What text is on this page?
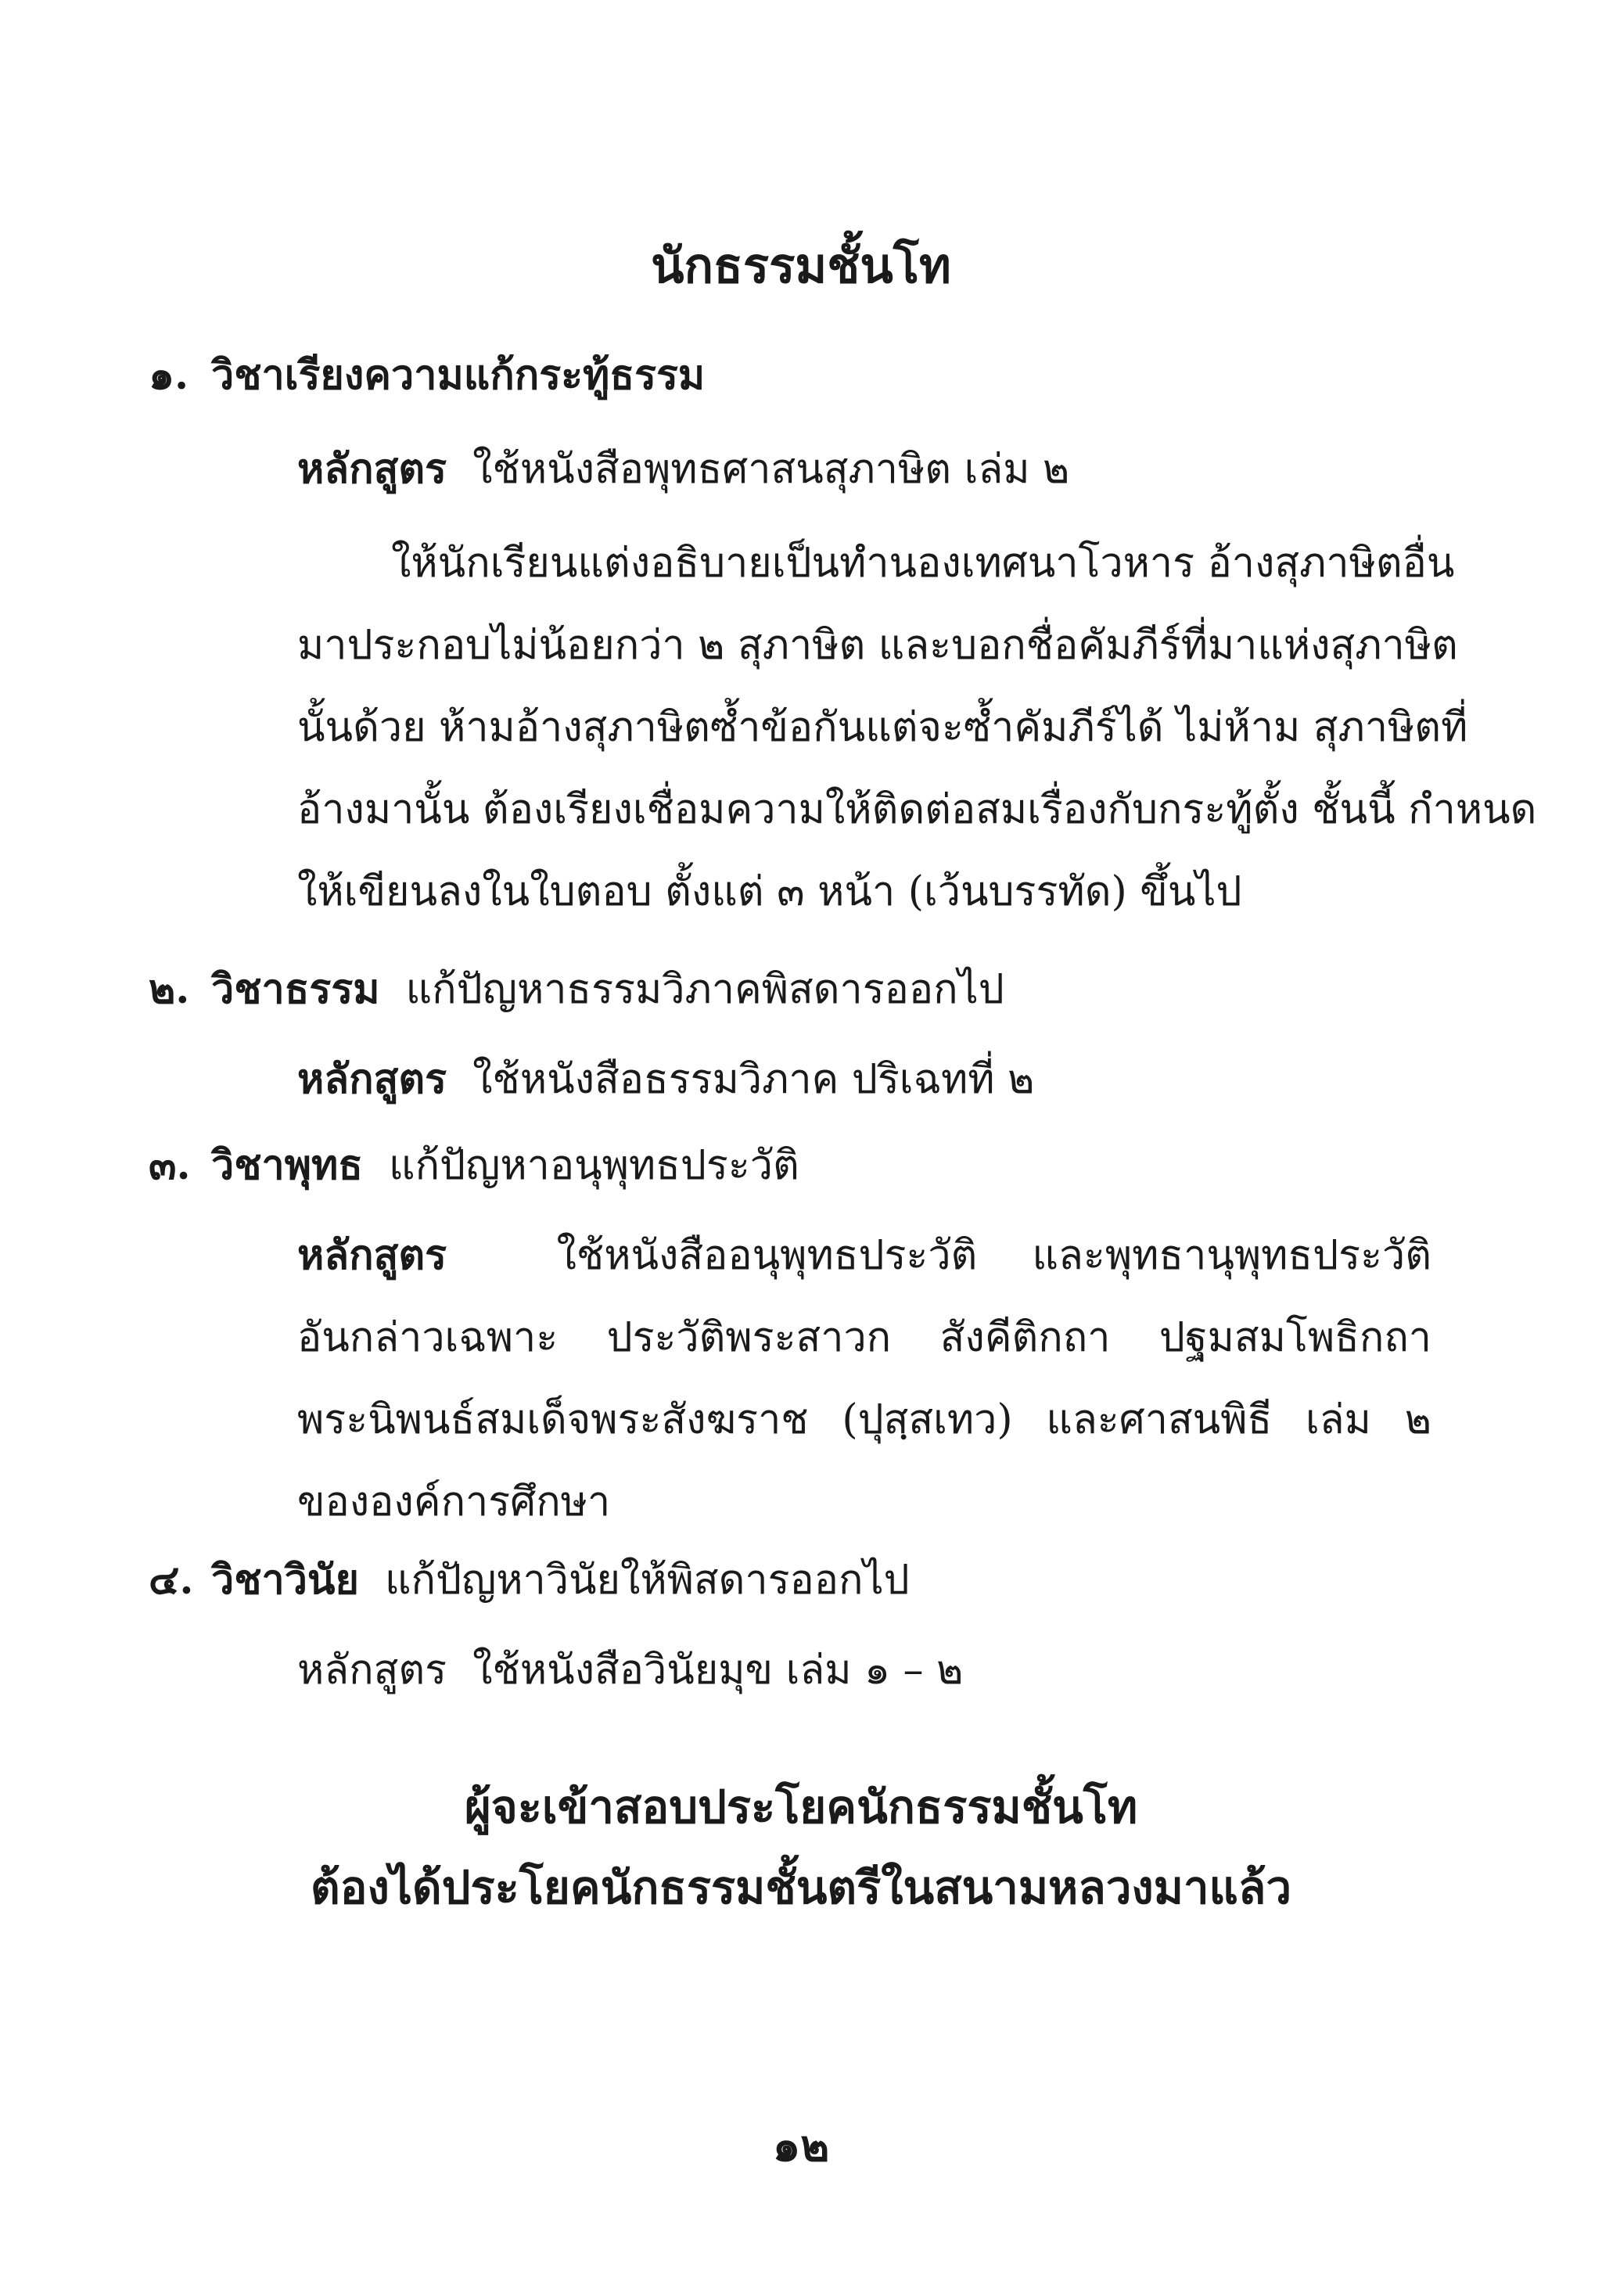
นักธรรมชั้นโท
๑. วิชาเรียงความแก้กระทู้ธรรม
หลักสูตร ใช้หนังสือพุทธศาสนสุภาษิต เล่ม ๒
ให้นักเรียนแต่งอธิบายเป็นทำนองเทศนาโวหาร อ้างสุภาษิตอื่น
มาประกอบไม่น้อยกว่า ๒ สุภาษิต และบอกชื่อคัมภีร์ที่มาแห่งสุภาษิต
นั้นด้วย ห้ามอ้างสุภาษิตซ้ำข้อกันแต่จะซ้ำคัมภีร์ได้ ไม่ห้าม สุภาษิตที่
อ้างมานั้น ต้องเรียงเชื่อมความให้ติดต่อสมเรื่องกับกระทู้ตั้ง ชั้นนี้ กำหนด
ให้เขียนลงในใบตอบ ตั้งแต่ ๓ หน้า (เว้นบรรทัด) ขึ้นไป
๒. วิชาธรรม แก้ปัญหาธรรมวิภาคพิสดารออกไป
หลักสูตร ใช้หนังสือธรรมวิภาค ปริเฉทที่ ๒
๓. วิชาพุทธ แก้ปัญหาอนุพุทธประวัติ
หลักสูตร	ใช้หนังสืออนุพุทธประวัติ และพุทธานุพุทธประวัติ
อันกล่าวเฉพาะ ประวัติพระสาวก สังคีติกถา ปฐมสมโพธิกถา
พระนิพนธ์สมเด็จพระสังฆราช (ปุสฺสเทว) และศาสนพิธี เล่ม ๒
ขององค์การศึกษา
๔. วิชาวินัย แก้ปัญหาวินัยให้พิสดารออกไป
หลักสูตร ใช้หนังสือวินัยมุข เล่ม ๑ – ๒
ผู้จะเข้าสอบประโยคนักธรรมชั้นโท
ต้องได้ประโยคนักธรรมชั้นตรีในสนามหลวงมาแล้ว
๑๒
